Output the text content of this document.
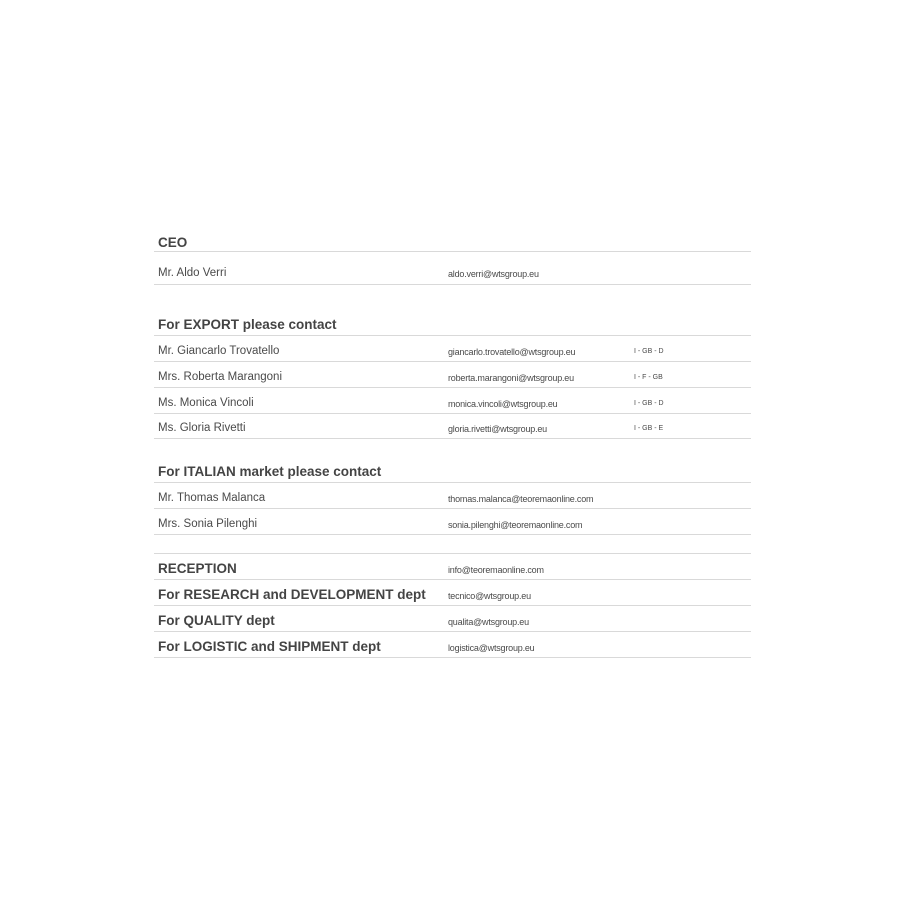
CEO
Mr. Aldo Verri	aldo.verri@wtsgroup.eu
For EXPORT please contact
Mr. Giancarlo Trovatello	giancarlo.trovatello@wtsgroup.eu	I - GB - D
Mrs. Roberta Marangoni	roberta.marangoni@wtsgroup.eu	I - F - GB
Ms. Monica Vincoli	monica.vincoli@wtsgroup.eu	I - GB - D
Ms. Gloria Rivetti	gloria.rivetti@wtsgroup.eu	I - GB - E
For ITALIAN market please contact
Mr. Thomas Malanca	thomas.malanca@teoremaonline.com
Mrs. Sonia Pilenghi	sonia.pilenghi@teoremaonline.com
RECEPTION	info@teoremaonline.com
For RESEARCH and DEVELOPMENT dept tecnico@wtsgroup.eu
For QUALITY dept	qualita@wtsgroup.eu
For LOGISTIC and SHIPMENT dept	logistica@wtsgroup.eu
